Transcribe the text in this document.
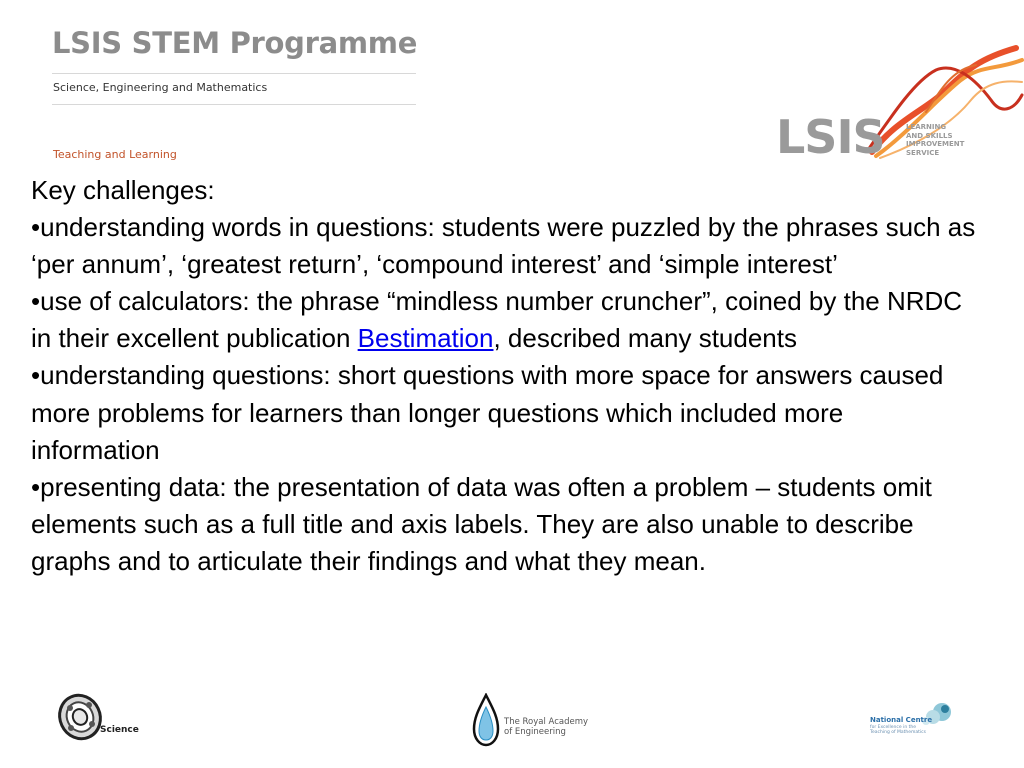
LSIS STEM Programme
Science, Engineering and Mathematics
Teaching and Learning	LSIS	LEARNING
AND SKILLS
IMPROVEMENT
SERVICE

Key challenges:

•understanding words in questions: students were puzzled by the phrases such as ‘per annum’, ‘greatest return’, ‘compound interest’ and ‘simple interest’

•use of calculators: the phrase “mindless number cruncher”, coined by the NRDC in their excellent publication Bestimation, described many students

•understanding questions: short questions with more space for answers caused more problems for learners than longer questions which included more information

•presenting data: the presentation of data was often a problem – students omit elements such as a full title and axis labels. They are also unable to describe graphs and to articulate their findings and what they mean.

Science
The Royal Academy
of Engineering
National Centre
for Excellence in the
Teaching of Mathematics
